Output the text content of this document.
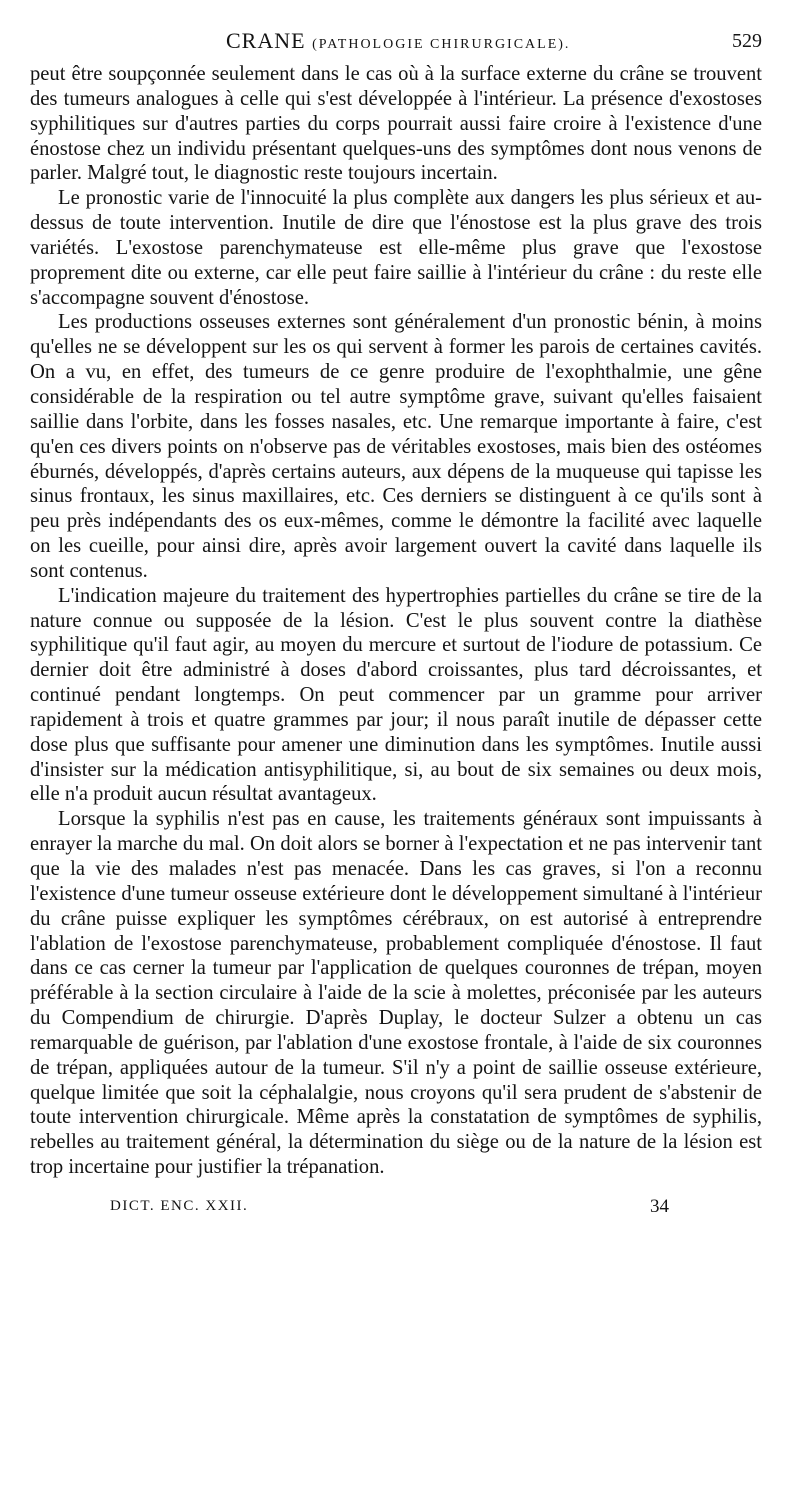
CRANE (PATHOLOGIE CHIRURGICALE).	529

peut être soupçonnée seulement dans le cas où à la surface externe du crâne se trouvent des tumeurs analogues à celle qui s'est développée à l'intérieur. La présence d'exostoses syphilitiques sur d'autres parties du corps pourrait aussi faire croire à l'existence d'une énostose chez un individu présentant quelques-uns des symptômes dont nous venons de parler. Malgré tout, le diagnostic reste toujours incertain.

Le pronostic varie de l'innocuité la plus complète aux dangers les plus sérieux et au-dessus de toute intervention. Inutile de dire que l'énostose est la plus grave des trois variétés. L'exostose parenchymateuse est elle-même plus grave que l'exostose proprement dite ou externe, car elle peut faire saillie à l'intérieur du crâne : du reste elle s'accompagne souvent d'énostose.

Les productions osseuses externes sont généralement d'un pronostic bénin, à moins qu'elles ne se développent sur les os qui servent à former les parois de certaines cavités. On a vu, en effet, des tumeurs de ce genre produire de l'exophthalmie, une gêne considérable de la respiration ou tel autre symptôme grave, suivant qu'elles faisaient saillie dans l'orbite, dans les fosses nasales, etc. Une remarque importante à faire, c'est qu'en ces divers points on n'observe pas de véritables exostoses, mais bien des ostéomes éburnés, développés, d'après certains auteurs, aux dépens de la muqueuse qui tapisse les sinus frontaux, les sinus maxillaires, etc. Ces derniers se distinguent à ce qu'ils sont à peu près indépendants des os eux-mêmes, comme le démontre la facilité avec laquelle on les cueille, pour ainsi dire, après avoir largement ouvert la cavité dans laquelle ils sont contenus.

L'indication majeure du traitement des hypertrophies partielles du crâne se tire de la nature connue ou supposée de la lésion. C'est le plus souvent contre la diathèse syphilitique qu'il faut agir, au moyen du mercure et surtout de l'iodure de potassium. Ce dernier doit être administré à doses d'abord croissantes, plus tard décroissantes, et continué pendant longtemps. On peut commencer par un gramme pour arriver rapidement à trois et quatre grammes par jour; il nous paraît inutile de dépasser cette dose plus que suffisante pour amener une diminution dans les symptômes. Inutile aussi d'insister sur la médication antisyphilitique, si, au bout de six semaines ou deux mois, elle n'a produit aucun résultat avantageux.

Lorsque la syphilis n'est pas en cause, les traitements généraux sont impuissants à enrayer la marche du mal. On doit alors se borner à l'expectation et ne pas intervenir tant que la vie des malades n'est pas menacée. Dans les cas graves, si l'on a reconnu l'existence d'une tumeur osseuse extérieure dont le développement simultané à l'intérieur du crâne puisse expliquer les symptômes cérébraux, on est autorisé à entreprendre l'ablation de l'exostose parenchymateuse, probablement compliquée d'énostose. Il faut dans ce cas cerner la tumeur par l'application de quelques couronnes de trépan, moyen préférable à la section circulaire à l'aide de la scie à molettes, préconisée par les auteurs du Compendium de chirurgie. D'après Duplay, le docteur Sulzer a obtenu un cas remarquable de guérison, par l'ablation d'une exostose frontale, à l'aide de six couronnes de trépan, appliquées autour de la tumeur. S'il n'y a point de saillie osseuse extérieure, quelque limitée que soit la céphalalgie, nous croyons qu'il sera prudent de s'abstenir de toute intervention chirurgicale. Même après la constatation de symptômes de syphilis, rebelles au traitement général, la détermination du siège ou de la nature de la lésion est trop incertaine pour justifier la trépanation.

DICT. ENC. XXII.	34
